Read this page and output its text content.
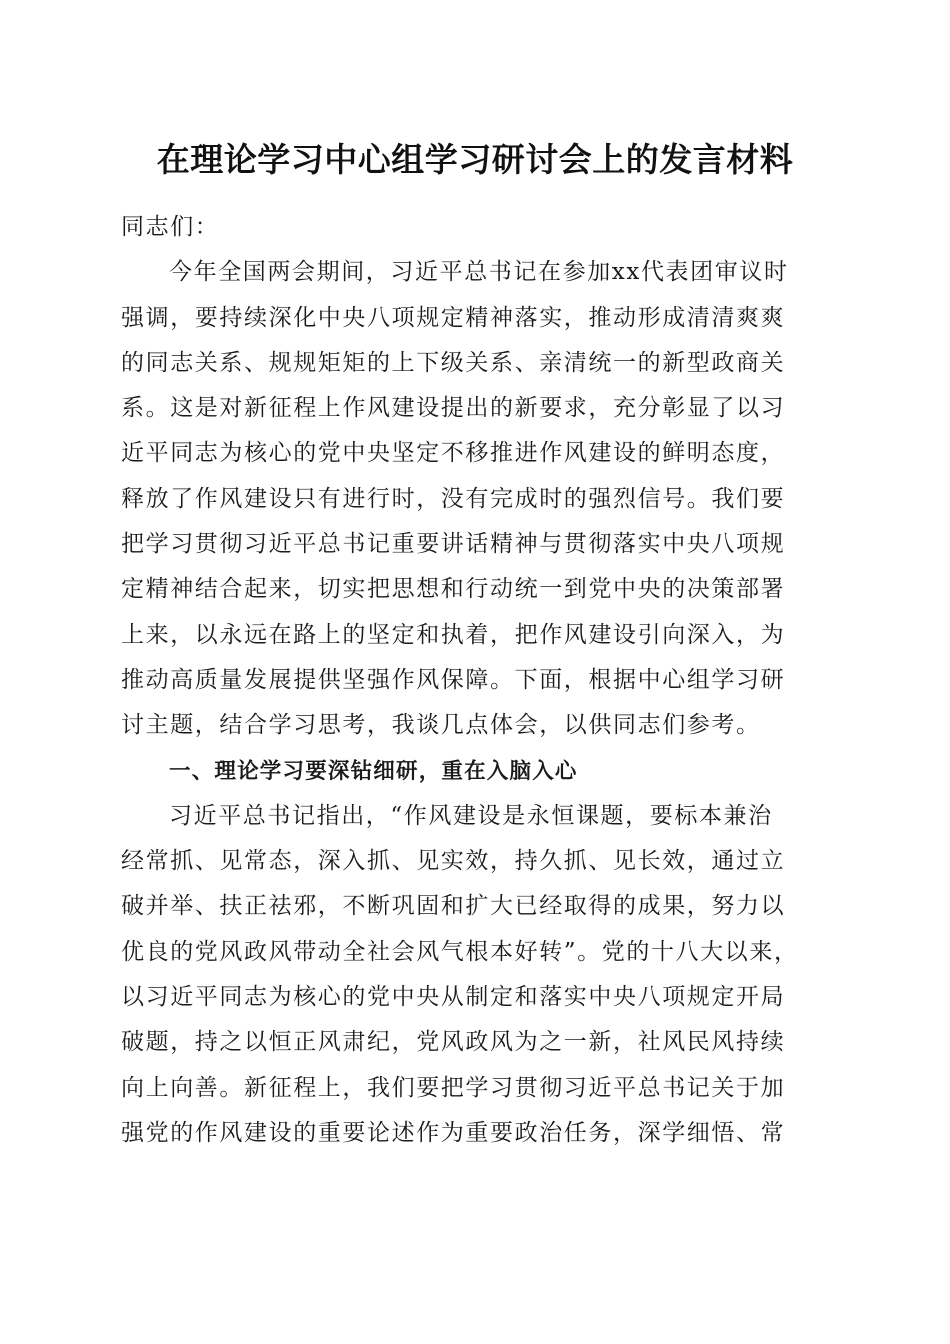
在理论学习中心组学习研讨会上的发言材料
同志们：
今年全国两会期间，习近平总书记在参加xx代表团审议时
强调，要持续深化中央八项规定精神落实，推动形成清清爽爽
的同志关系、规规矩矩的上下级关系、亲清统一的新型政商关
系。这是对新征程上作风建设提出的新要求，充分彰显了以习
近平同志为核心的党中央坚定不移推进作风建设的鲜明态度，
释放了作风建设只有进行时，没有完成时的强烈信号。我们要
把学习贯彻习近平总书记重要讲话精神与贯彻落实中央八项规
定精神结合起来，切实把思想和行动统一到党中央的决策部署
上来，以永远在路上的坚定和执着，把作风建设引向深入，为
推动高质量发展提供坚强作风保障。下面，根据中心组学习研
讨主题，结合学习思考，我谈几点体会，以供同志们参考。
一、理论学习要深钻细研，重在入脑入心
习近平总书记指出，“作风建设是永恒课题，要标本兼治
经常抓、见常态，深入抓、见实效，持久抓、见长效，通过立
破并举、扶正祛邪，不断巩固和扩大已经取得的成果，努力以
优良的党风政风带动全社会风气根本好转”。党的十八大以来，
以习近平同志为核心的党中央从制定和落实中央八项规定开局
破题，持之以恒正风肃纪，党风政风为之一新，社风民风持续
向上向善。新征程上，我们要把学习贯彻习近平总书记关于加
强党的作风建设的重要论述作为重要政治任务，深学细悟、常
